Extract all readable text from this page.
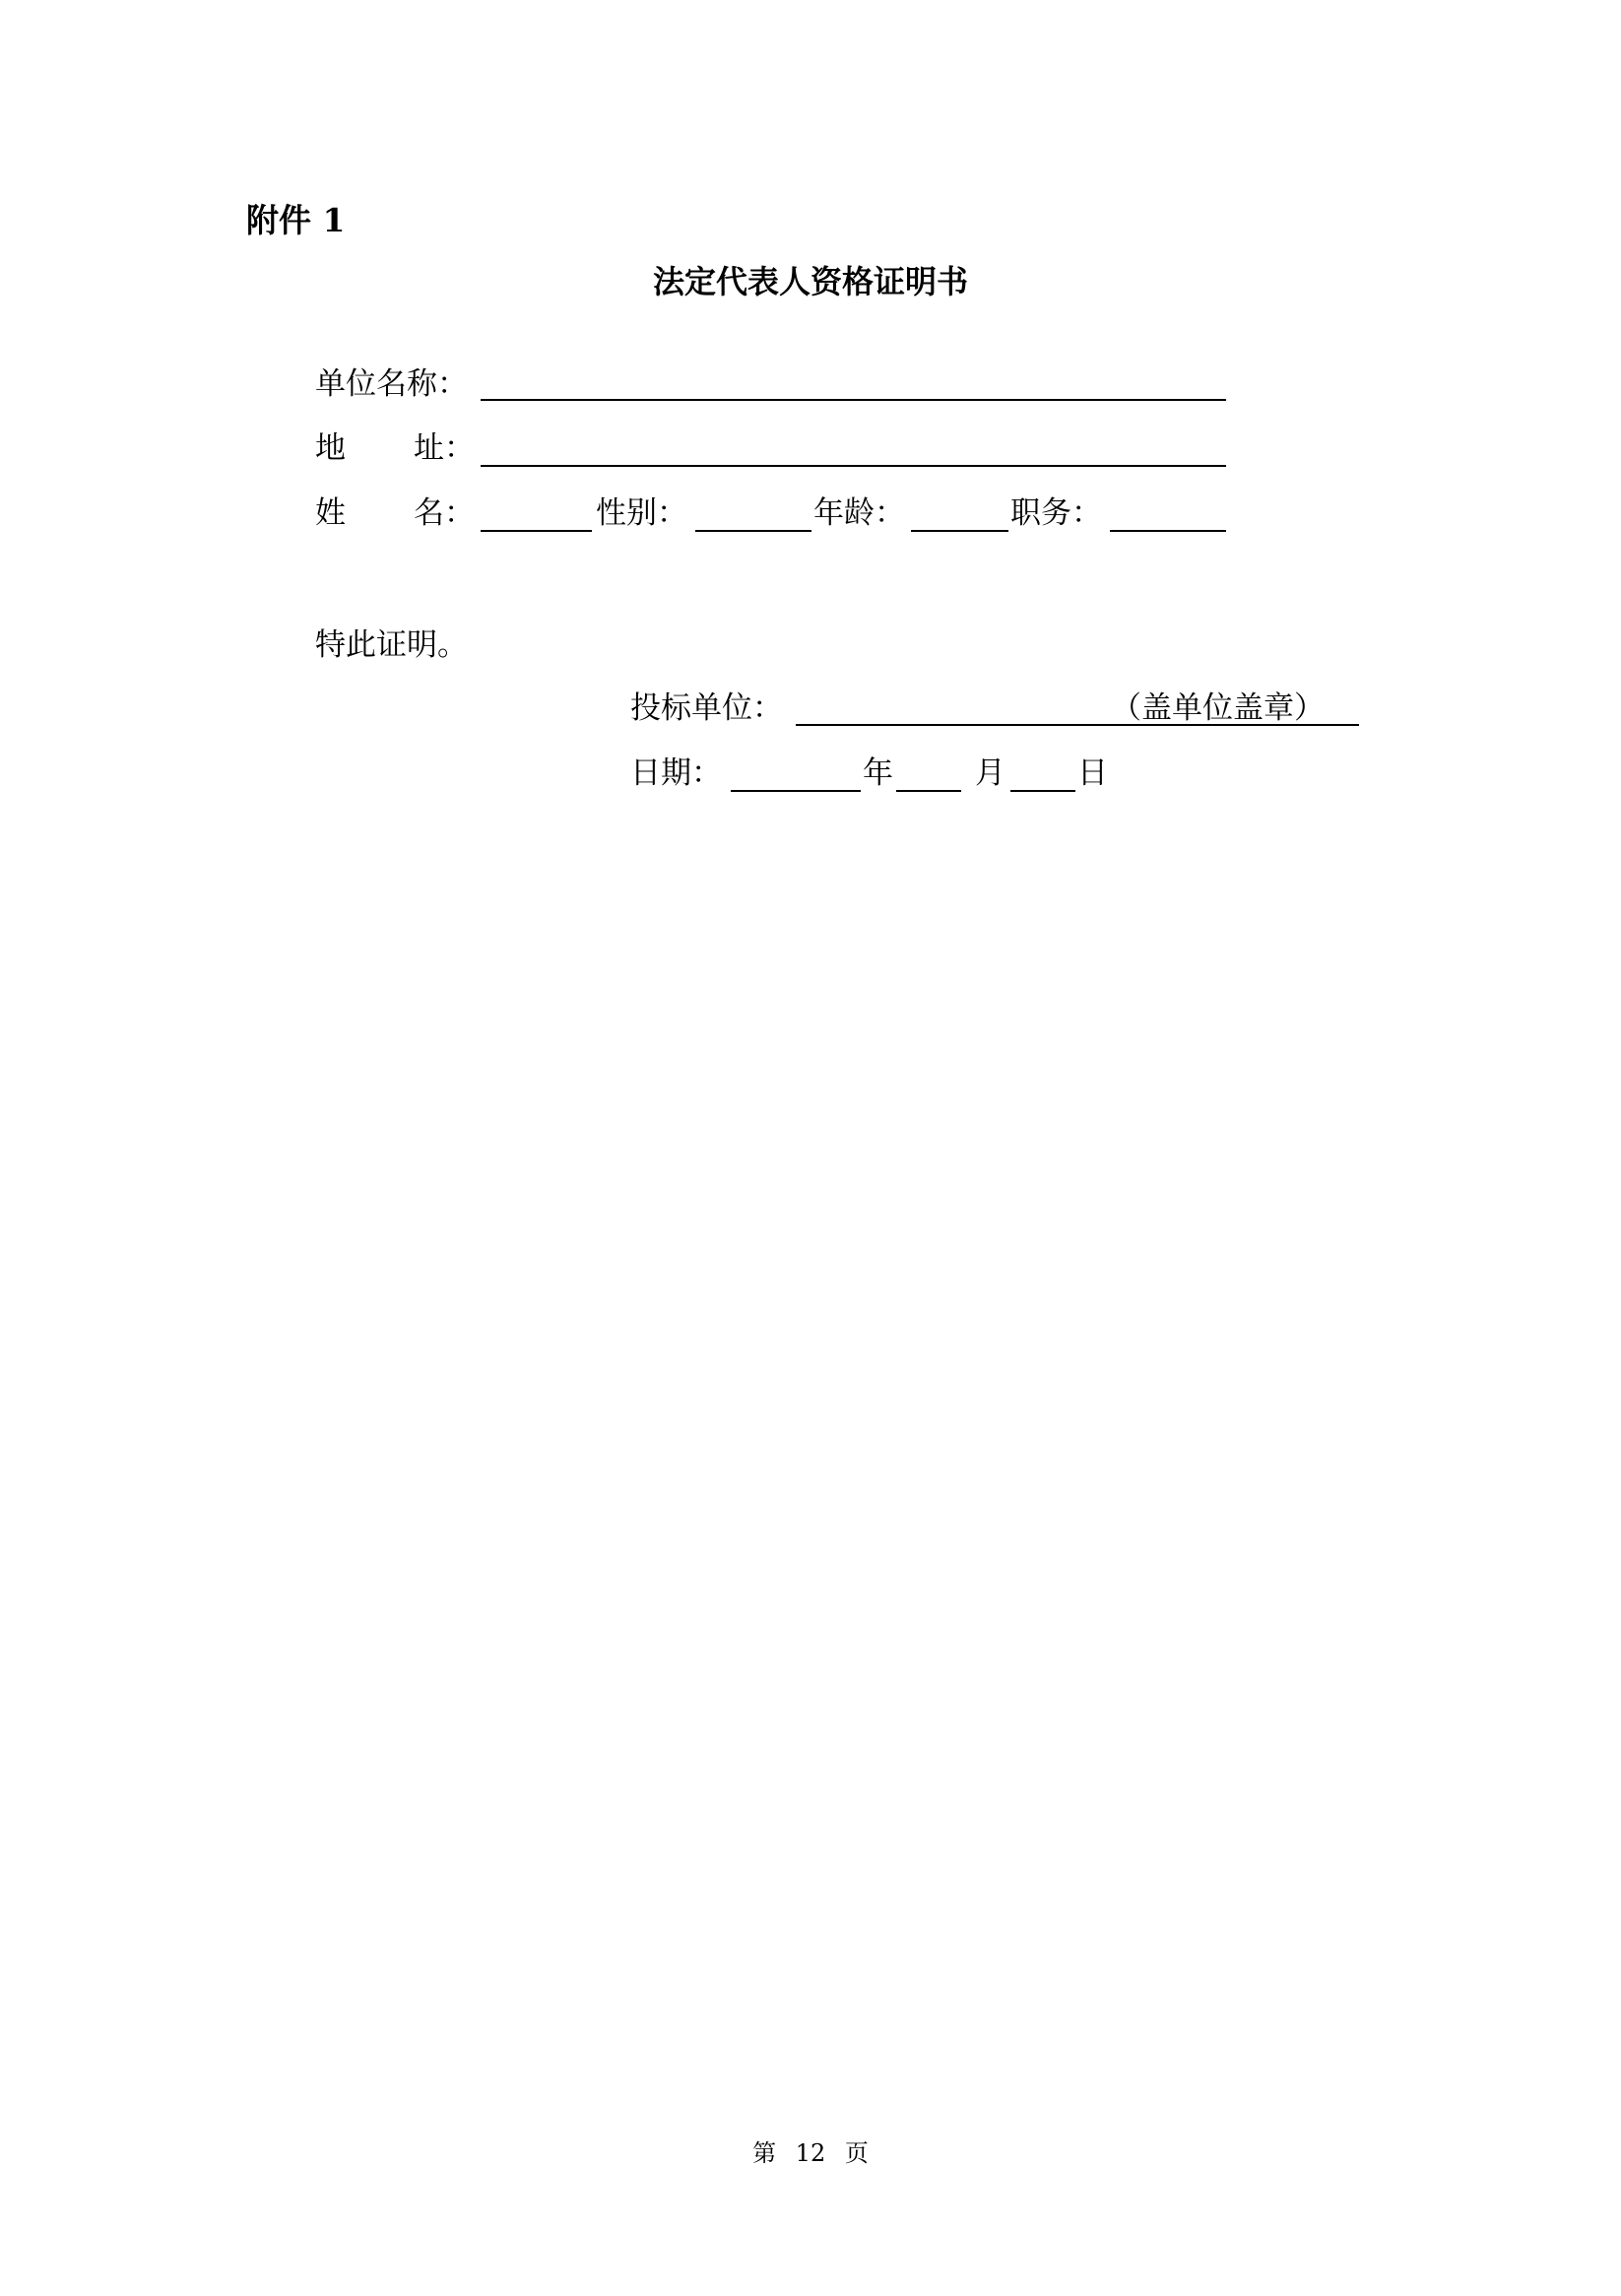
附件 1
法定代表人资格证明书
单位名称：
地 址：
姓 名：	性别：	年龄：	职务：
特此证明。
投标单位：	（盖单位盖章）
日期：	年	月 日
第 12 页
